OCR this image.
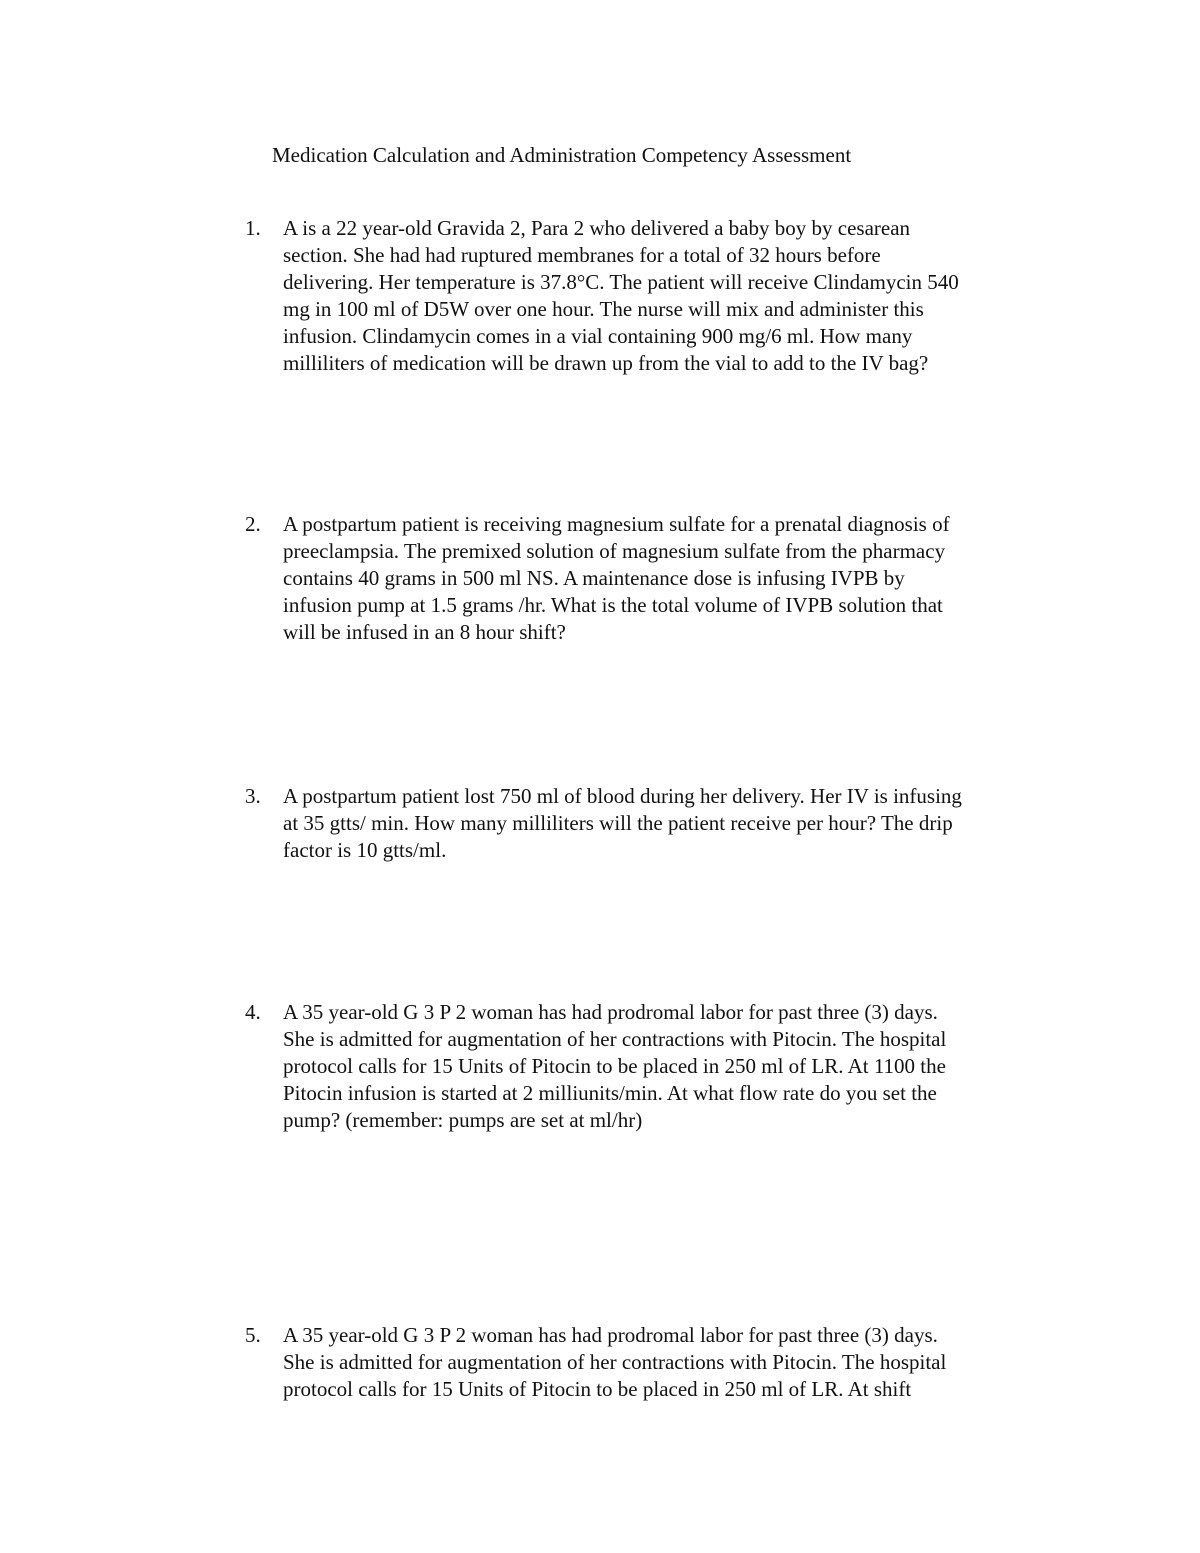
Medication Calculation and Administration Competency Assessment
1. A is a 22 year-old Gravida 2, Para 2 who delivered a baby boy by cesarean
section. She had had ruptured membranes for a total of 32 hours before
delivering. Her temperature is 37.8°C. The patient will receive Clindamycin 540
mg in 100 ml of D5W over one hour. The nurse will mix and administer this
infusion. Clindamycin comes in a vial containing 900 mg/6 ml. How many
milliliters of medication will be drawn up from the vial to add to the IV bag?
2. A postpartum patient is receiving magnesium sulfate for a prenatal diagnosis of
preeclampsia. The premixed solution of magnesium sulfate from the pharmacy
contains 40 grams in 500 ml NS. A maintenance dose is infusing IVPB by
infusion pump at 1.5 grams /hr. What is the total volume of IVPB solution that
will be infused in an 8 hour shift?
3. A postpartum patient lost 750 ml of blood during her delivery. Her IV is infusing
at 35 gtts/ min. How many milliliters will the patient receive per hour? The drip
factor is 10 gtts/ml.
4. A 35 year-old G 3 P 2 woman has had prodromal labor for past three (3) days.
She is admitted for augmentation of her contractions with Pitocin. The hospital
protocol calls for 15 Units of Pitocin to be placed in 250 ml of LR. At 1100 the
Pitocin infusion is started at 2 milliunits/min. At what flow rate do you set the
pump? (remember: pumps are set at ml/hr)
5. A 35 year-old G 3 P 2 woman has had prodromal labor for past three (3) days.
She is admitted for augmentation of her contractions with Pitocin. The hospital
protocol calls for 15 Units of Pitocin to be placed in 250 ml of LR. At shift
